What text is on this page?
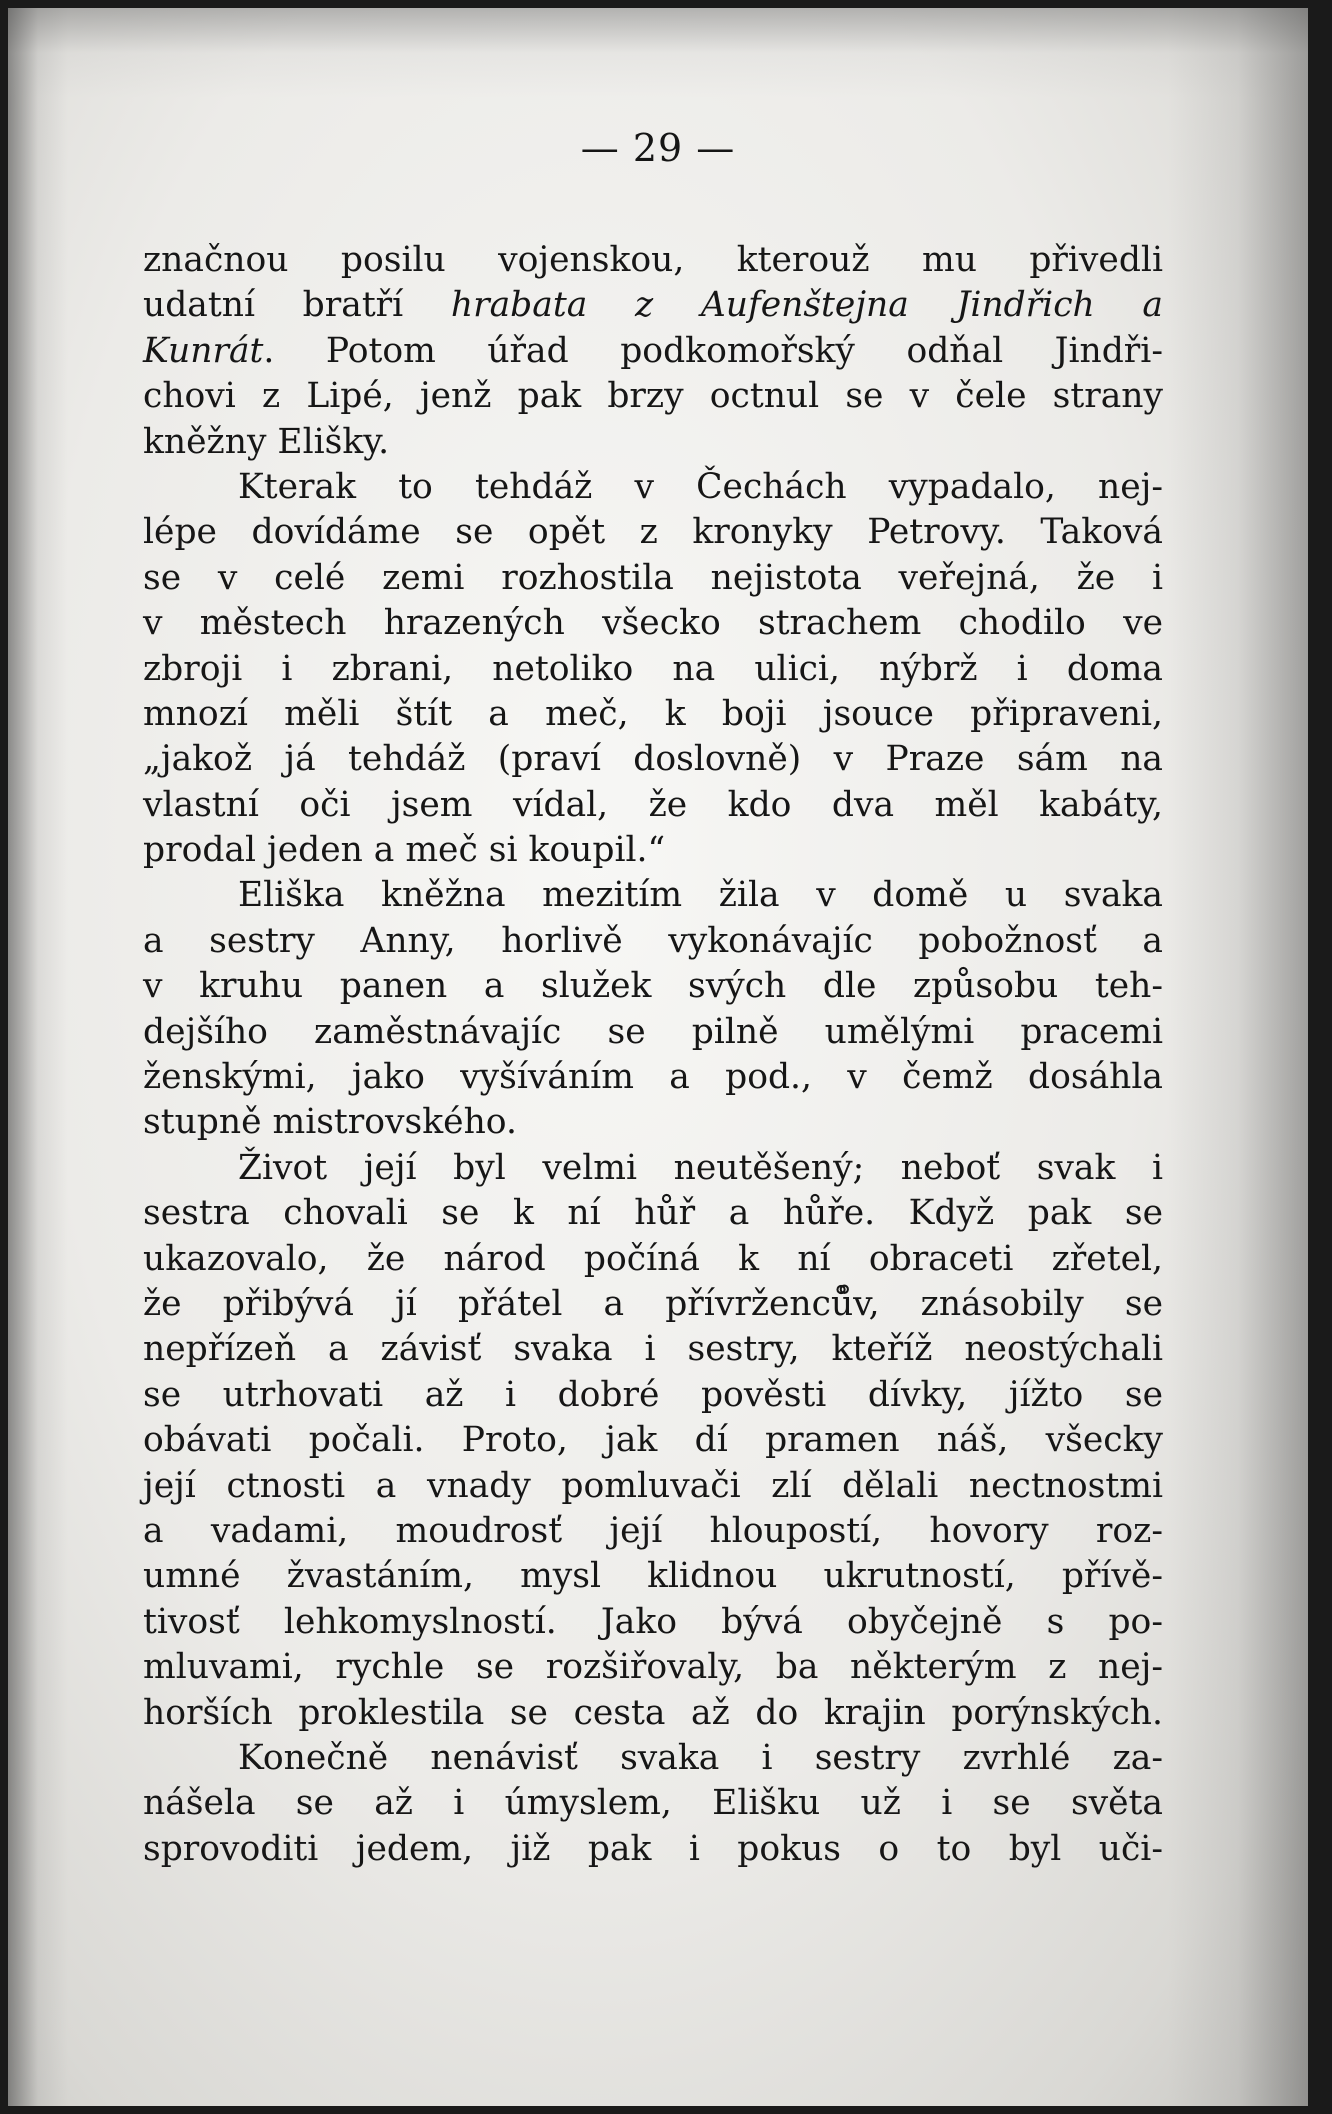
— 29 —
značnou posilu vojenskou, kterouž mu přivedli
udatní bratří hrabata z Aufenštejna Jindřich a
Kunrát. Potom úřad podkomořský odňal Jindři-
chovi z Lipé, jenž pak brzy octnul se v čele strany
kněžny Elišky.
Kterak to tehdáž v Čechách vypadalo, nej-
lépe dovídáme se opět z kronyky Petrovy. Taková
se v celé zemi rozhostila nejistota veřejná, že i
v městech hrazených všecko strachem chodilo ve
zbroji i zbrani, netoliko na ulici, nýbrž i doma
mnozí měli štít a meč, k boji jsouce připraveni,
„jakož já tehdáž (praví doslovně) v Praze sám na
vlastní oči jsem vídal, že kdo dva měl kabáty,
prodal jeden a meč si koupil.“
Eliška kněžna mezitím žila v domě u svaka
a sestry Anny, horlivě vykonávajíc pobožnosť a
v kruhu panen a služek svých dle způsobu teh-
dejšího zaměstnávajíc se pilně umělými pracemi
ženskými, jako vyšíváním a pod., v čemž dosáhla
stupně mistrovského.
Život její byl velmi neutěšený; neboť svak i
sestra chovali se k ní hůř a hůře. Když pak se
ukazovalo, že národ počíná k ní obraceti zřetel,
že přibývá jí přátel a přívrženců̊v, znásobily se
nepřízeň a závisť svaka i sestry, kteříž neostýchali
se utrhovati až i dobré pověsti dívky, jížto se
obávati počali. Proto, jak dí pramen náš, všecky
její ctnosti a vnady pomluvači zlí dělali nectnostmi
a vadami, moudrosť její hloupostí, hovory roz-
umné žvastáním, mysl klidnou ukrutností, přívě-
tivosť lehkomyslností. Jako bývá obyčejně s po-
mluvami, rychle se rozšiřovaly, ba některým z nej-
horších proklestila se cesta až do krajin porýnských.
Konečně nenávisť svaka i sestry zvrhlé za-
nášela se až i úmyslem, Elišku už i se světa
sprovoditi jedem, již pak i pokus o to byl uči-
